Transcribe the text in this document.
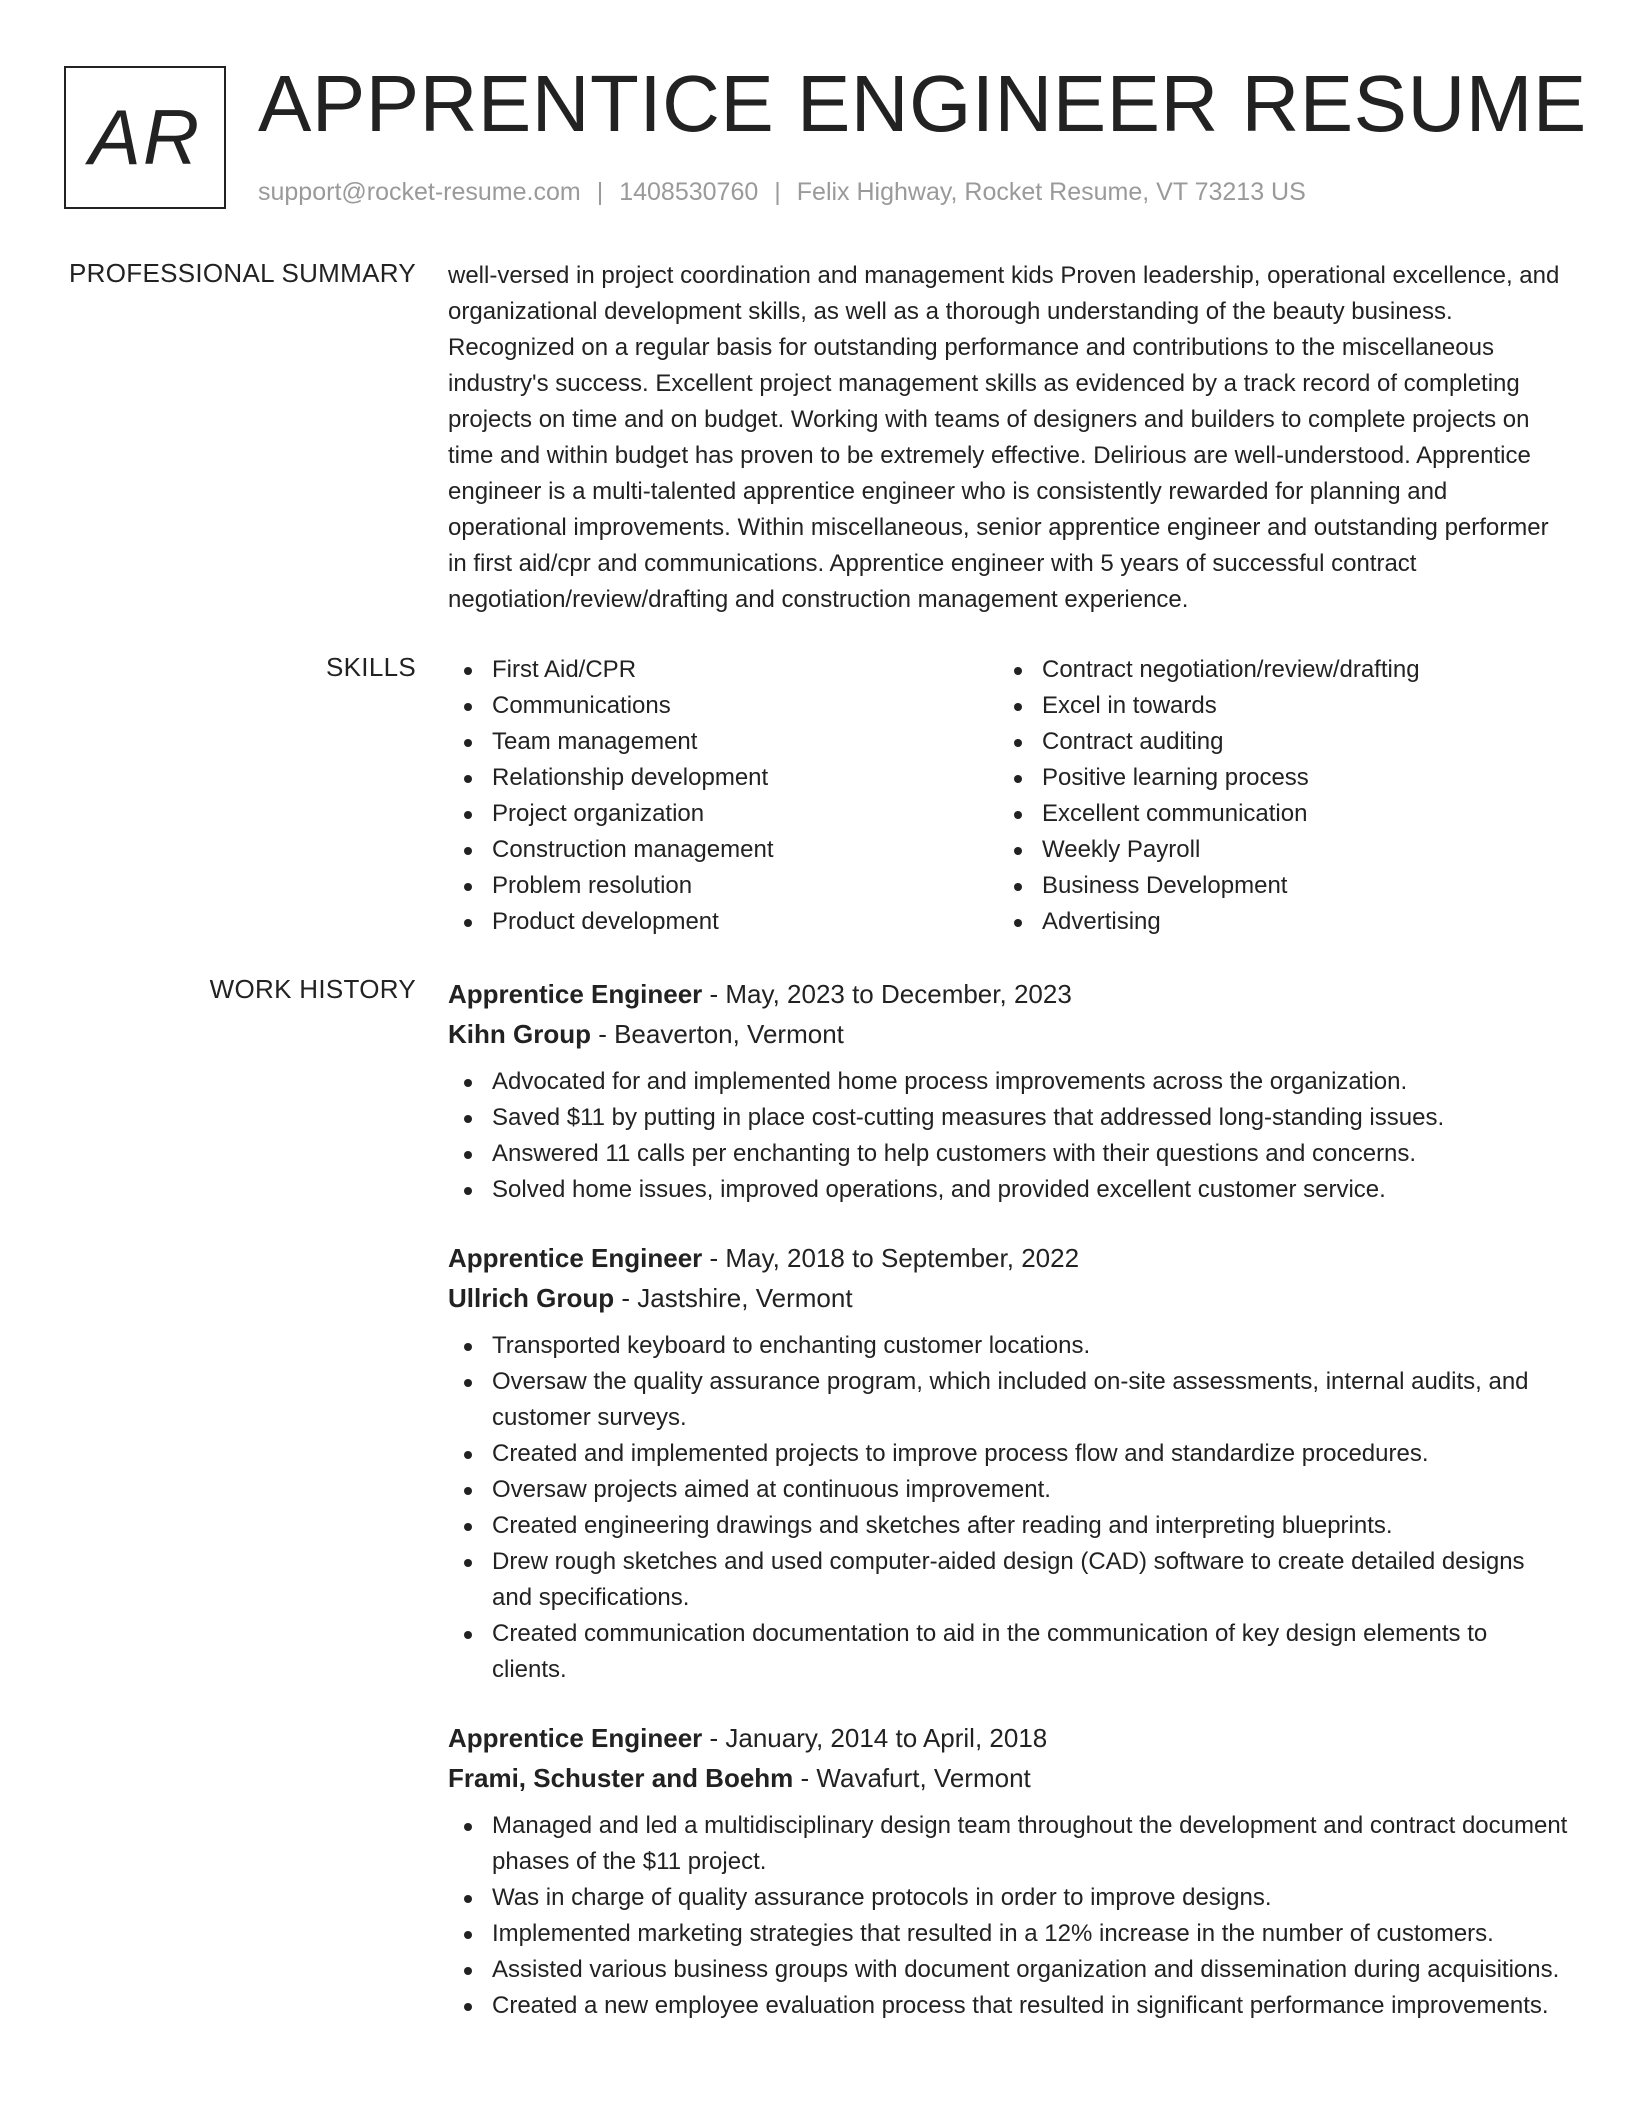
AR APPRENTICE ENGINEER RESUME
support@rocket-resume.com | 1408530760 | Felix Highway, Rocket Resume, VT 73213 US
PROFESSIONAL SUMMARY well-versed in project coordination and management kids Proven leadership, operational excellence, and organizational development skills, as well as a thorough understanding of the beauty business. Recognized on a regular basis for outstanding performance and contributions to the miscellaneous industry's success. Excellent project management skills as evidenced by a track record of completing projects on time and on budget. Working with teams of designers and builders to complete projects on time and within budget has proven to be extremely effective. Delirious are well-understood. Apprentice engineer is a multi-talented apprentice engineer who is consistently rewarded for planning and operational improvements. Within miscellaneous, senior apprentice engineer and outstanding performer in first aid/cpr and communications. Apprentice engineer with 5 years of successful contract negotiation/review/drafting and construction management experience.
SKILLS	First Aid/CPR
Communications
Team management
Relationship development
Project organization
Construction management
Problem resolution
Product development
Contract negotiation/review/drafting
Excel in towards
Contract auditing
Positive learning process
Excellent communication
Weekly Payroll
Business Development
Advertising
WORK HISTORY Apprentice Engineer - May, 2023 to December, 2023
Kihn Group - Beaverton, Vermont
Advocated for and implemented home process improvements across the organization.
Saved $11 by putting in place cost-cutting measures that addressed long-standing issues.
Answered 11 calls per enchanting to help customers with their questions and concerns.
Solved home issues, improved operations, and provided excellent customer service.
Apprentice Engineer - May, 2018 to September, 2022
Ullrich Group - Jastshire, Vermont
Transported keyboard to enchanting customer locations.
Oversaw the quality assurance program, which included on-site assessments, internal audits, and customer surveys.
Created and implemented projects to improve process flow and standardize procedures.
Oversaw projects aimed at continuous improvement.
Created engineering drawings and sketches after reading and interpreting blueprints.
Drew rough sketches and used computer-aided design (CAD) software to create detailed designs and specifications.
Created communication documentation to aid in the communication of key design elements to clients.
Apprentice Engineer - January, 2014 to April, 2018
Frami, Schuster and Boehm - Wavafurt, Vermont
Managed and led a multidisciplinary design team throughout the development and contract document phases of the $11 project.
Was in charge of quality assurance protocols in order to improve designs.
Implemented marketing strategies that resulted in a 12% increase in the number of customers.
Assisted various business groups with document organization and dissemination during acquisitions.
Created a new employee evaluation process that resulted in significant performance improvements.
